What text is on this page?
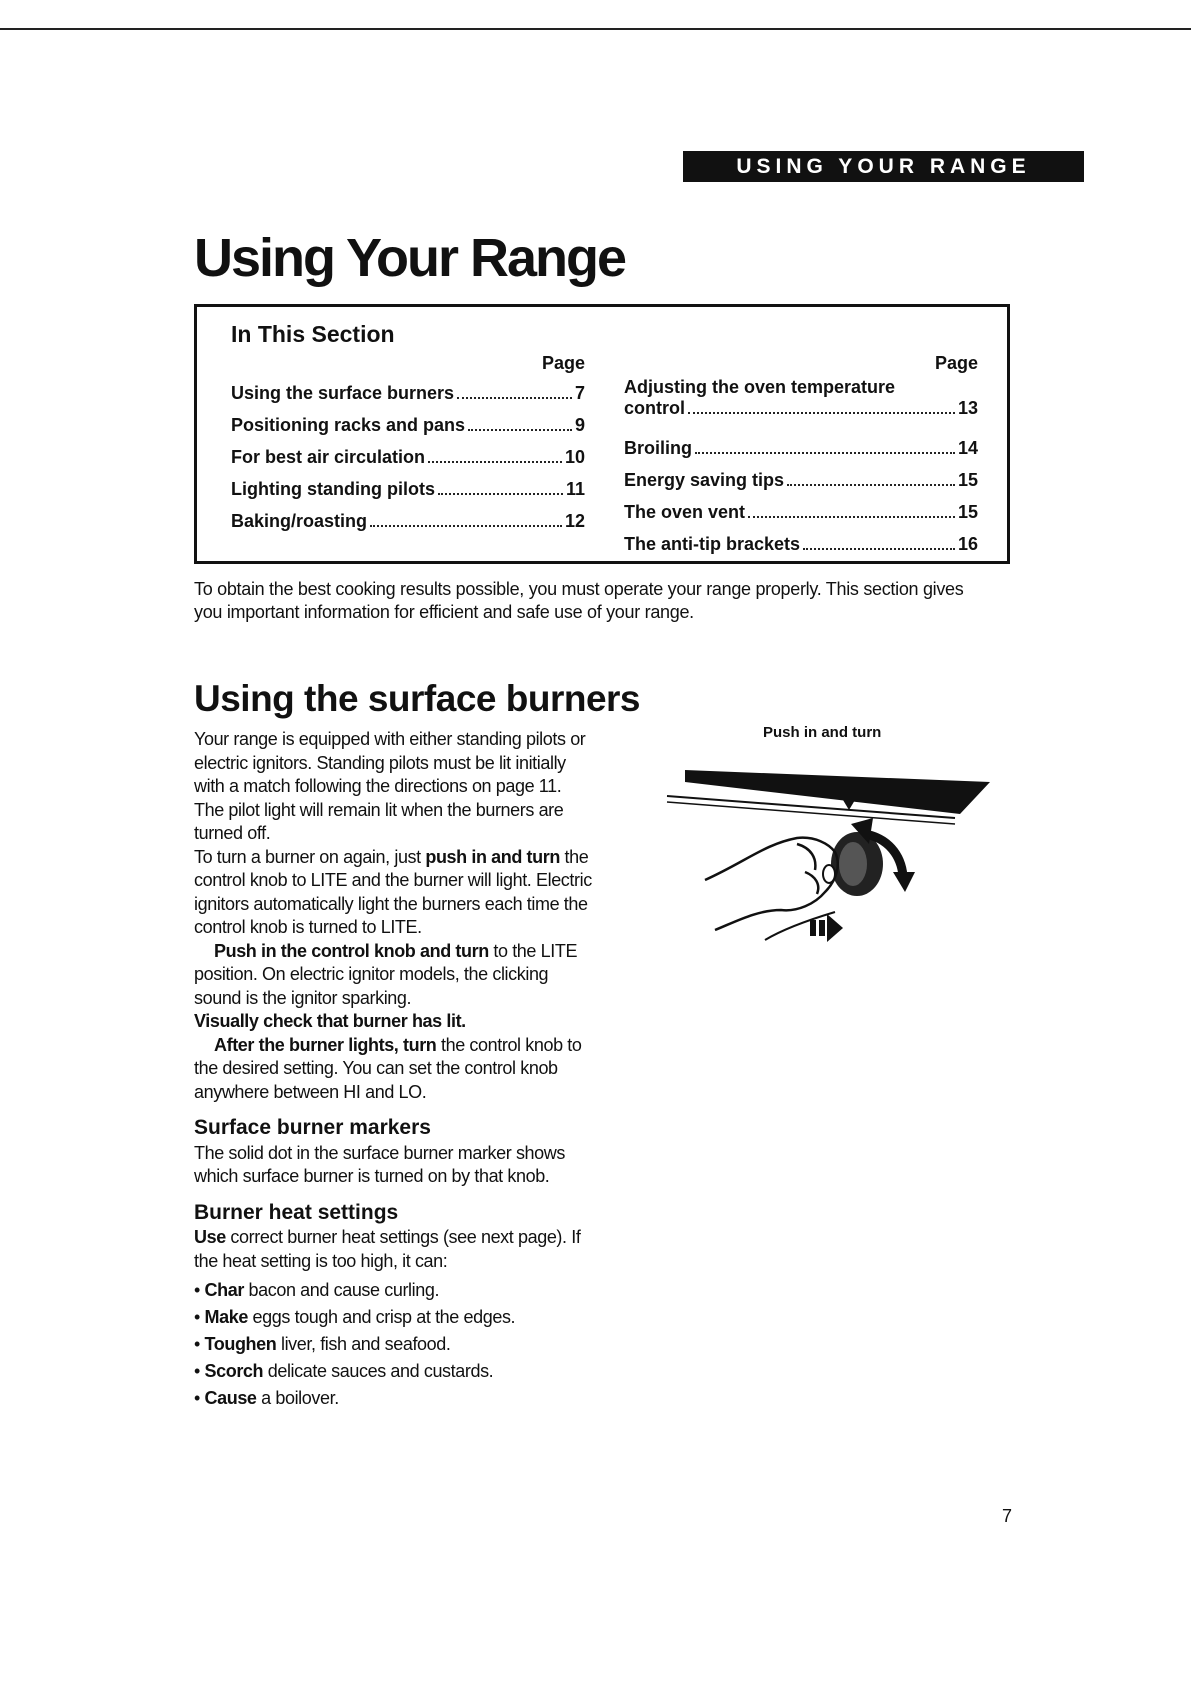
USING YOUR RANGE
Using Your Range
In This Section
Page
Using the surface burners	7
Positioning racks and pans	9
For best air circulation	10
Lighting standing pilots	11
Baking/roasting	12
Page
Adjusting the oven temperature
control	13
Broiling	14
Energy saving tips	15
The oven vent	15
The anti-tip brackets	16

To obtain the best cooking results possible, you must operate your range properly. This section gives you important information for efficient and safe use of your range.

Using the surface burners

Your range is equipped with either standing pilots or electric ignitors. Standing pilots must be lit initially with a match following the directions on page 11. The pilot light will remain lit when the burners are turned off.

To turn a burner on again, just push in and turn the control knob to LITE and the burner will light. Electric ignitors automatically light the burners each time the control knob is turned to LITE.

Push in the control knob and turn to the LITE position. On electric ignitor models, the clicking sound is the ignitor sparking.

Visually check that burner has lit.

After the burner lights, turn the control knob to the desired setting. You can set the control knob anywhere between HI and LO.

Surface burner markers

The solid dot in the surface burner marker shows which surface burner is turned on by that knob.

Burner heat settings

Use correct burner heat settings (see next page). If the heat setting is too high, it can:

• Char bacon and cause curling.
• Make eggs tough and crisp at the edges.
• Toughen liver, fish and seafood.
• Scorch delicate sauces and custards.
• Cause a boilover.
Push in and turn
7
